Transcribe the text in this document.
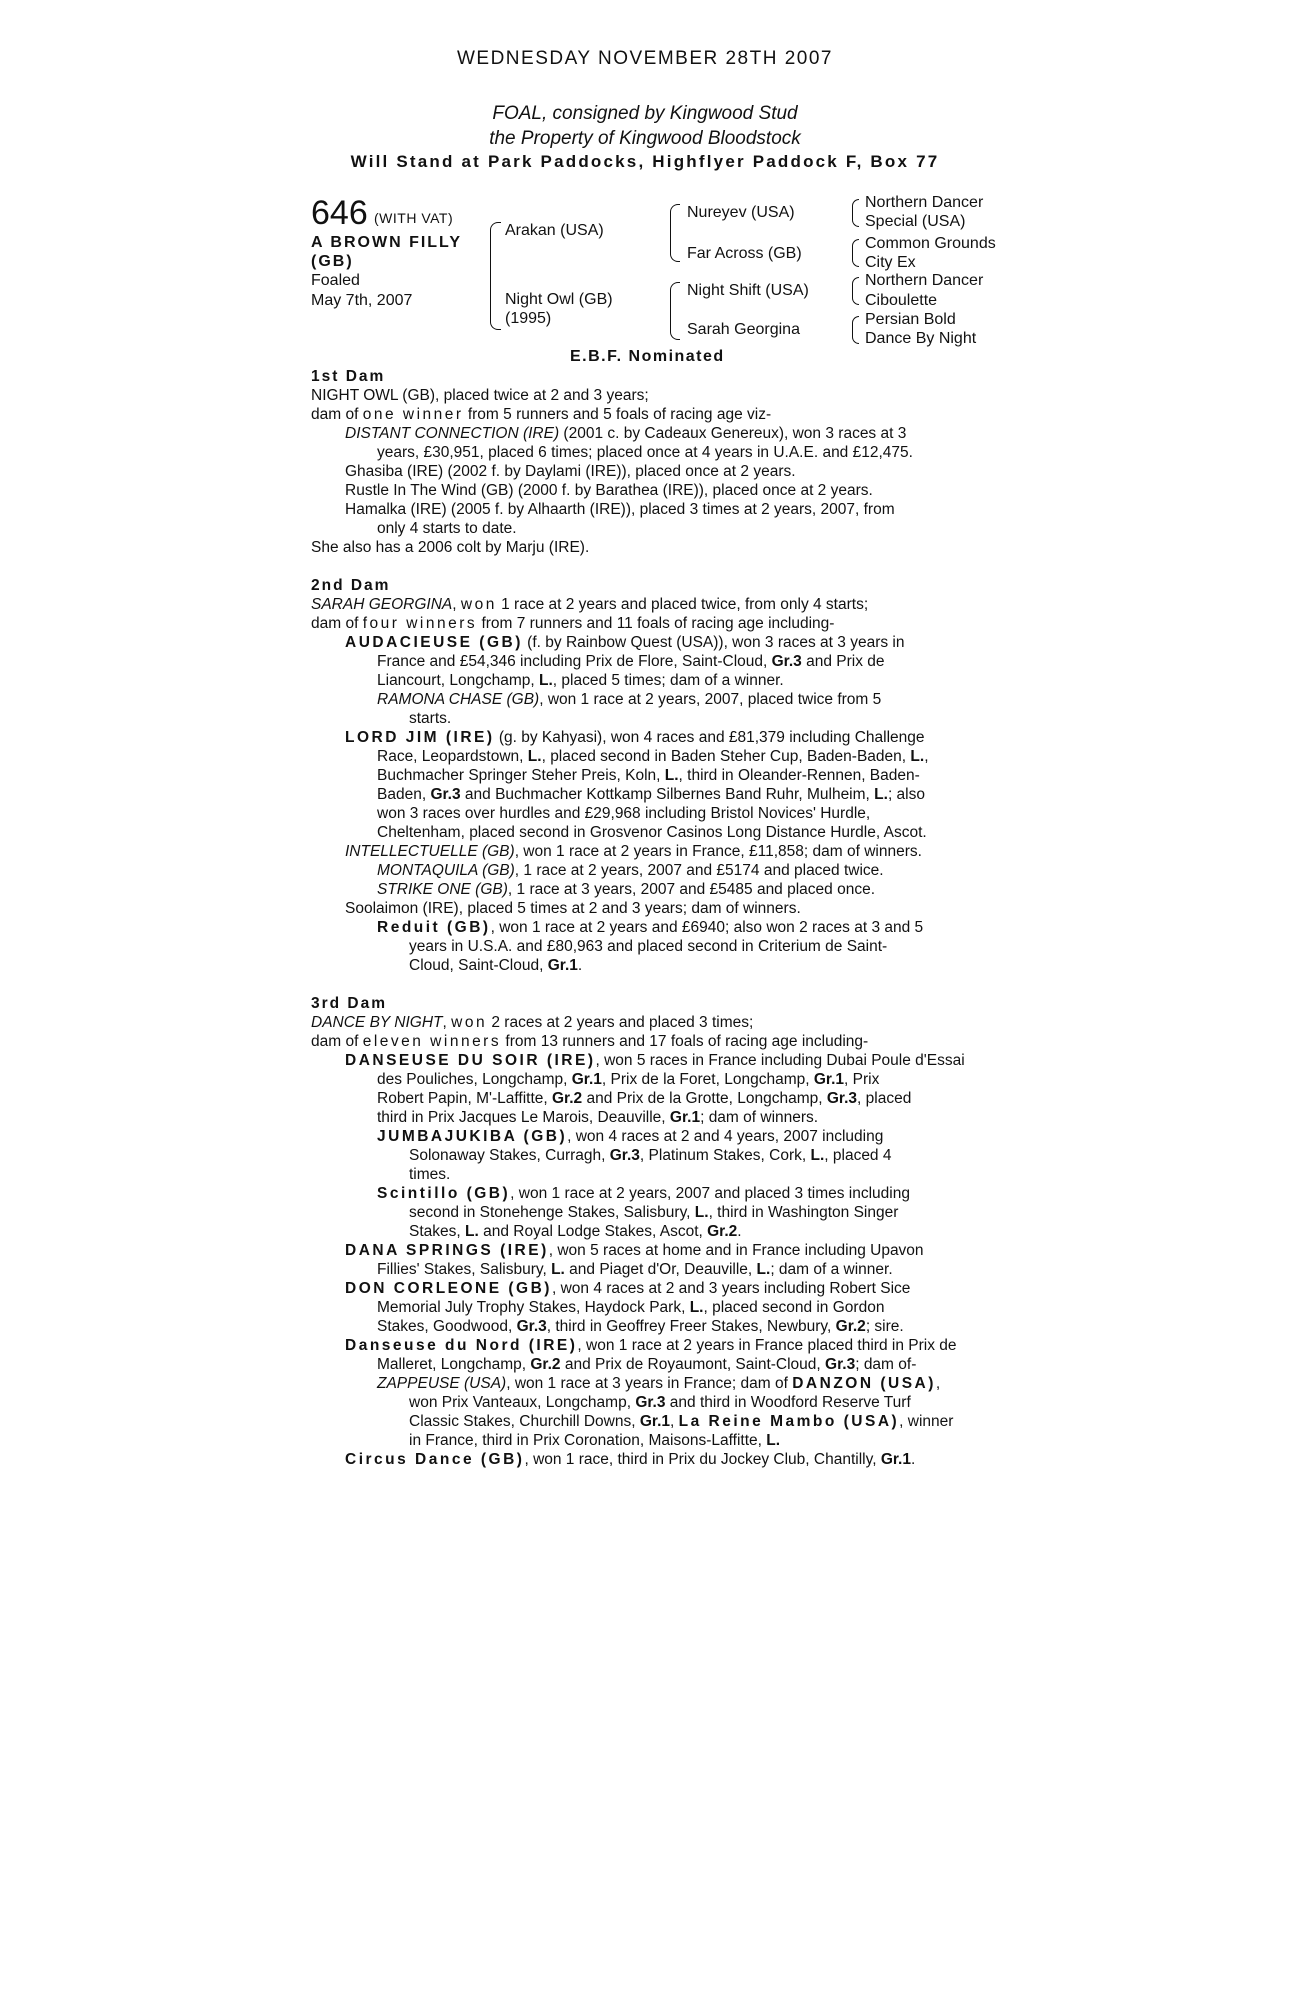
WEDNESDAY NOVEMBER 28TH 2007
FOAL, consigned by Kingwood Stud
the Property of Kingwood Bloodstock
Will Stand at Park Paddocks, Highflyer Paddock F, Box 77
646 (WITH VAT)
A BROWN FILLY
(GB)
Foaled
May 7th, 2007
Arakan (USA)
Night Owl (GB)
(1995)
Nureyev (USA)
Far Across (GB)
Night Shift (USA)
Sarah Georgina
Northern Dancer
Special (USA)
Common Grounds
City Ex
Northern Dancer
Ciboulette
Persian Bold
Dance By Night
E.B.F. Nominated

1st Dam

NIGHT OWL (GB), placed twice at 2 and 3 years;

dam of one winner from 5 runners and 5 foals of racing age viz-

DISTANT CONNECTION (IRE) (2001 c. by Cadeaux Genereux), won 3 races at 3

years, £30,951, placed 6 times; placed once at 4 years in U.A.E. and £12,475.

Ghasiba (IRE) (2002 f. by Daylami (IRE)), placed once at 2 years.

Rustle In The Wind (GB) (2000 f. by Barathea (IRE)), placed once at 2 years.

Hamalka (IRE) (2005 f. by Alhaarth (IRE)), placed 3 times at 2 years, 2007, from

only 4 starts to date.

She also has a 2006 colt by Marju (IRE).

2nd Dam

SARAH GEORGINA, won 1 race at 2 years and placed twice, from only 4 starts;

dam of four winners from 7 runners and 11 foals of racing age including-

AUDACIEUSE (GB) (f. by Rainbow Quest (USA)), won 3 races at 3 years in

France and £54,346 including Prix de Flore, Saint-Cloud, Gr.3 and Prix de

Liancourt, Longchamp, L., placed 5 times; dam of a winner.

RAMONA CHASE (GB), won 1 race at 2 years, 2007, placed twice from 5

starts.

LORD JIM (IRE) (g. by Kahyasi), won 4 races and £81,379 including Challenge

Race, Leopardstown, L., placed second in Baden Steher Cup, Baden-Baden, L.,

Buchmacher Springer Steher Preis, Koln, L., third in Oleander-Rennen, Baden-

Baden, Gr.3 and Buchmacher Kottkamp Silbernes Band Ruhr, Mulheim, L.; also

won 3 races over hurdles and £29,968 including Bristol Novices' Hurdle,

Cheltenham, placed second in Grosvenor Casinos Long Distance Hurdle, Ascot.

INTELLECTUELLE (GB), won 1 race at 2 years in France, £11,858; dam of winners.

MONTAQUILA (GB), 1 race at 2 years, 2007 and £5174 and placed twice.

STRIKE ONE (GB), 1 race at 3 years, 2007 and £5485 and placed once.

Soolaimon (IRE), placed 5 times at 2 and 3 years; dam of winners.

Reduit (GB), won 1 race at 2 years and £6940; also won 2 races at 3 and 5

years in U.S.A. and £80,963 and placed second in Criterium de Saint-

Cloud, Saint-Cloud, Gr.1.

3rd Dam

DANCE BY NIGHT, won 2 races at 2 years and placed 3 times;

dam of eleven winners from 13 runners and 17 foals of racing age including-

DANSEUSE DU SOIR (IRE), won 5 races in France including Dubai Poule d'Essai

des Pouliches, Longchamp, Gr.1, Prix de la Foret, Longchamp, Gr.1, Prix

Robert Papin, M'-Laffitte, Gr.2 and Prix de la Grotte, Longchamp, Gr.3, placed

third in Prix Jacques Le Marois, Deauville, Gr.1; dam of winners.

JUMBAJUKIBA (GB), won 4 races at 2 and 4 years, 2007 including

Solonaway Stakes, Curragh, Gr.3, Platinum Stakes, Cork, L., placed 4

times.

Scintillo (GB), won 1 race at 2 years, 2007 and placed 3 times including

second in Stonehenge Stakes, Salisbury, L., third in Washington Singer

Stakes, L. and Royal Lodge Stakes, Ascot, Gr.2.

DANA SPRINGS (IRE), won 5 races at home and in France including Upavon

Fillies' Stakes, Salisbury, L. and Piaget d'Or, Deauville, L.; dam of a winner.

DON CORLEONE (GB), won 4 races at 2 and 3 years including Robert Sice

Memorial July Trophy Stakes, Haydock Park, L., placed second in Gordon

Stakes, Goodwood, Gr.3, third in Geoffrey Freer Stakes, Newbury, Gr.2; sire.

Danseuse du Nord (IRE), won 1 race at 2 years in France placed third in Prix de

Malleret, Longchamp, Gr.2 and Prix de Royaumont, Saint-Cloud, Gr.3; dam of-

ZAPPEUSE (USA), won 1 race at 3 years in France; dam of DANZON (USA),

won Prix Vanteaux, Longchamp, Gr.3 and third in Woodford Reserve Turf

Classic Stakes, Churchill Downs, Gr.1, La Reine Mambo (USA), winner

in France, third in Prix Coronation, Maisons-Laffitte, L.

Circus Dance (GB), won 1 race, third in Prix du Jockey Club, Chantilly, Gr.1.
